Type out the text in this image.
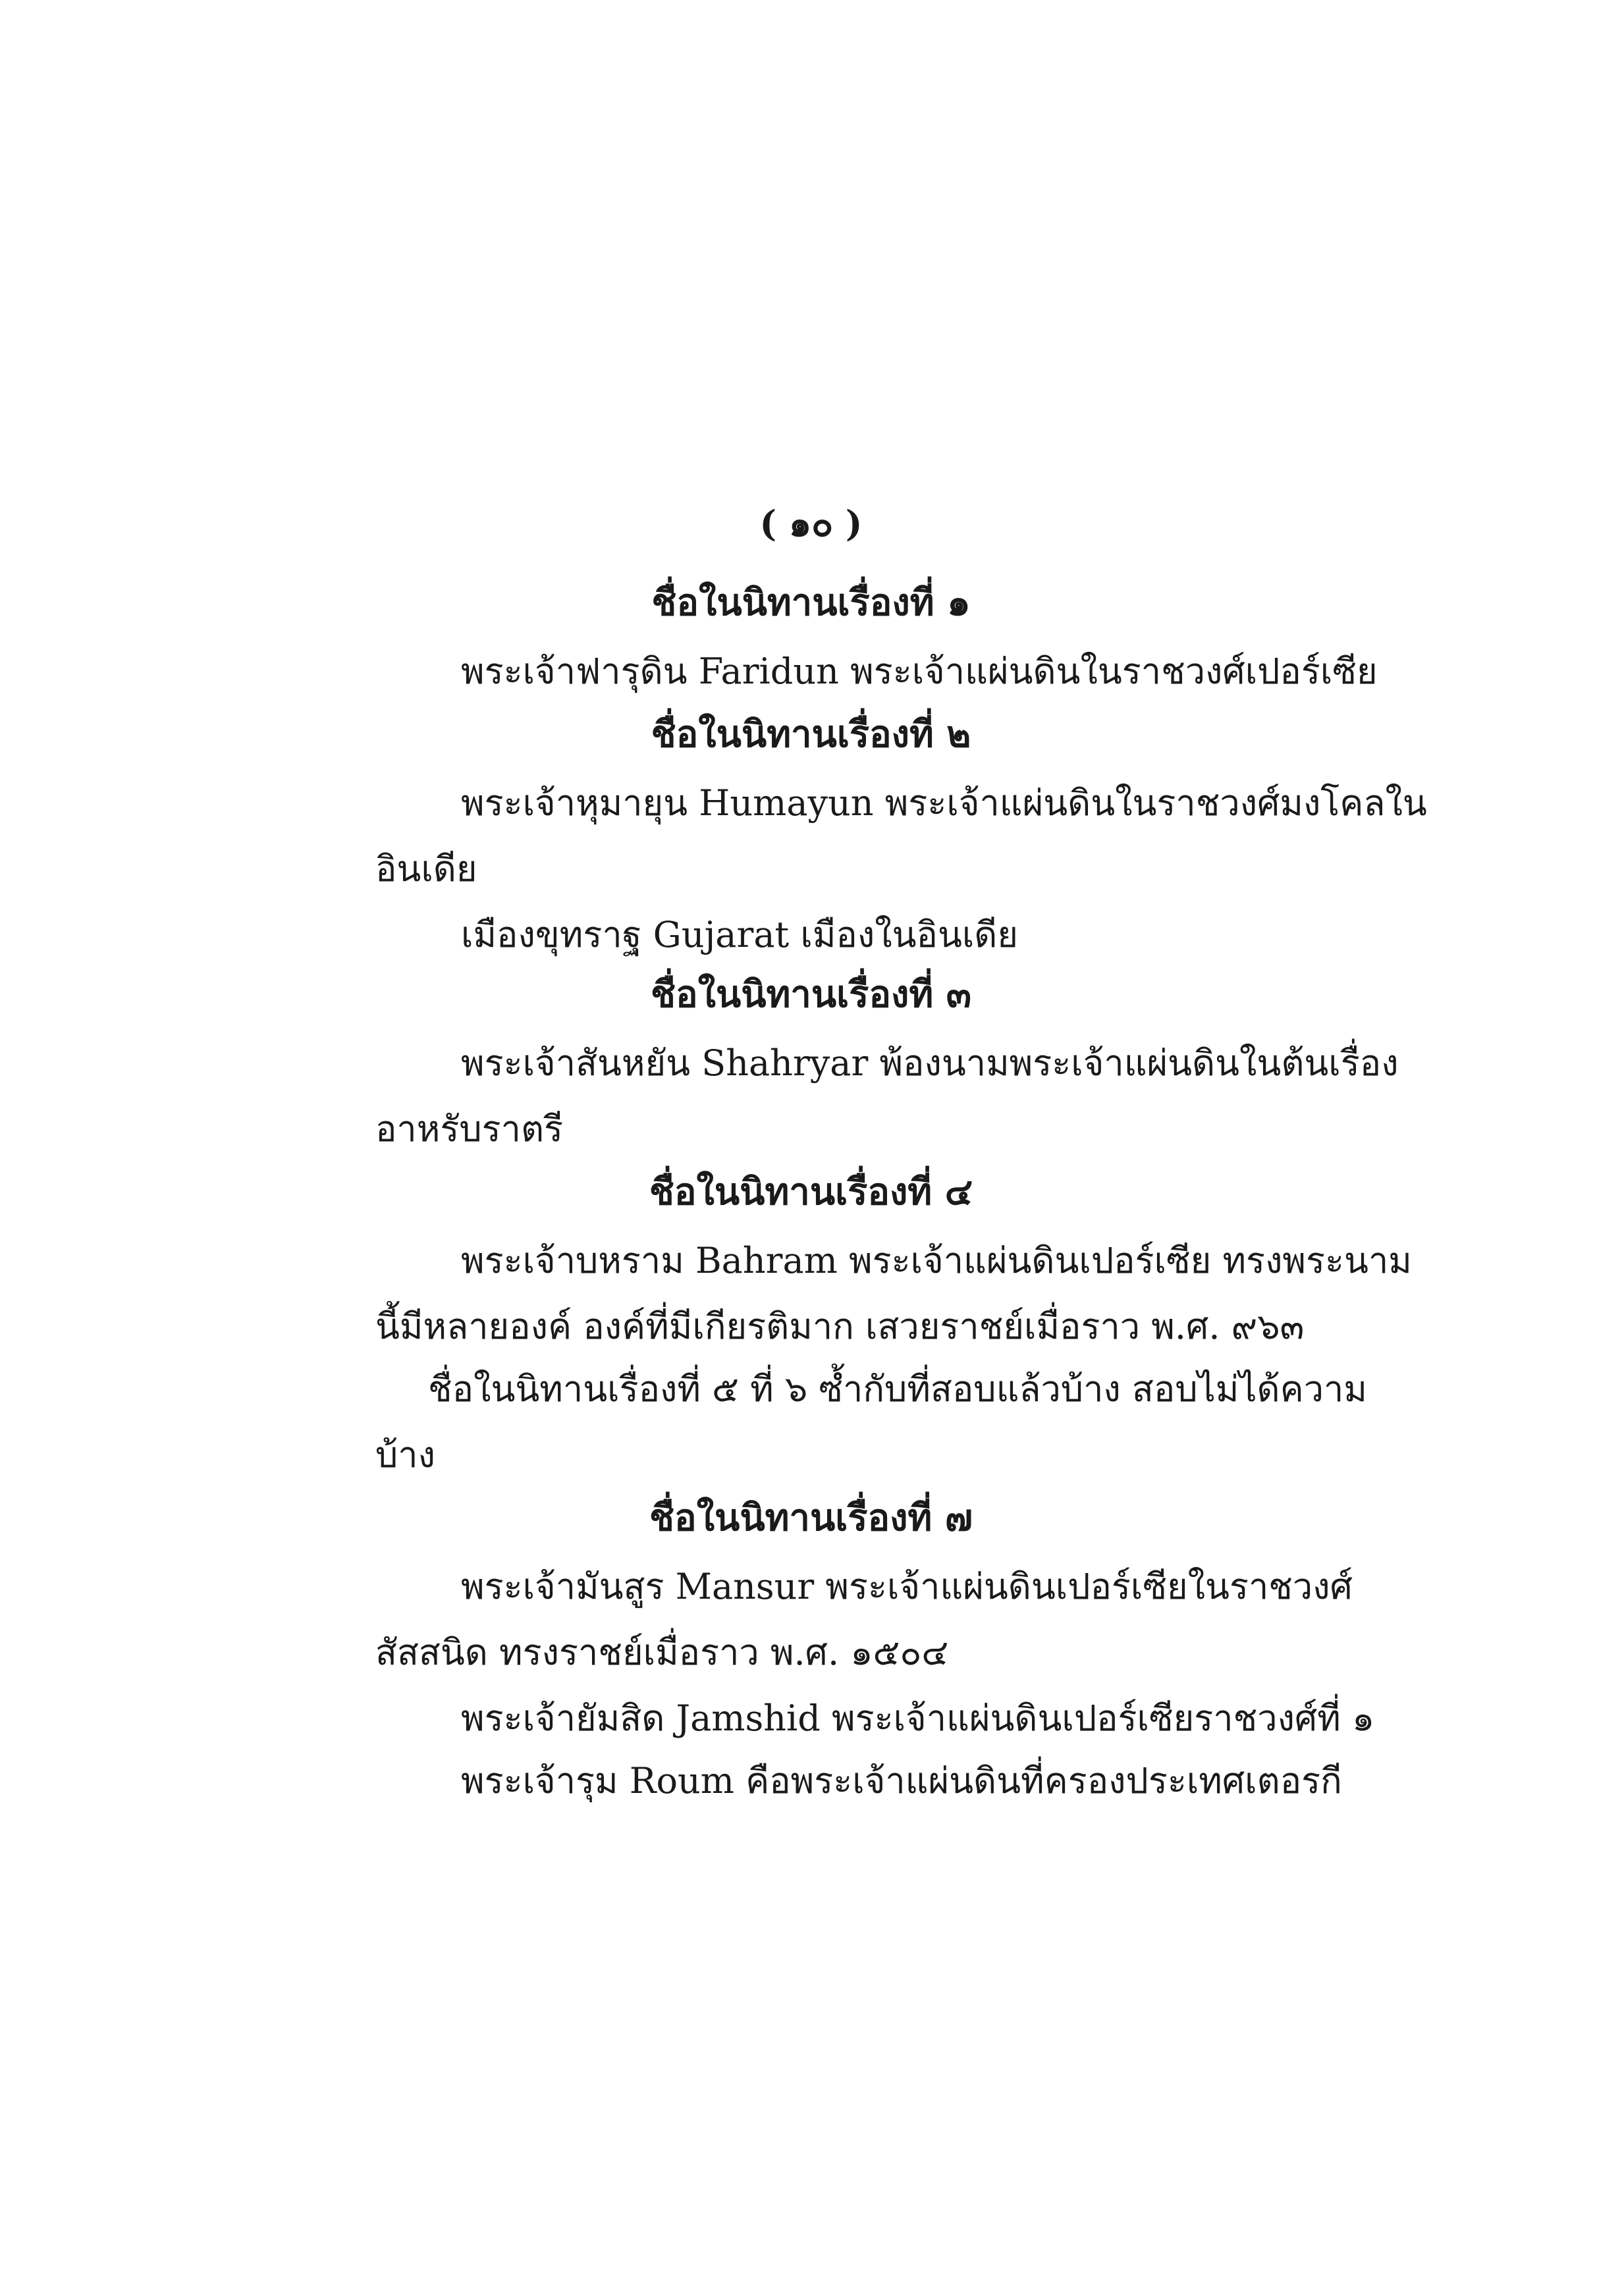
( ๑๐ )
ชื่อในนิทานเรื่องที่ ๑
พระเจ้าฟารุดิน Faridun พระเจ้าแผ่นดินในราชวงศ์เปอร์เซีย
ชื่อในนิทานเรื่องที่ ๒
พระเจ้าหุมายุน Humayun พระเจ้าแผ่นดินในราชวงศ์มงโคลใน
อินเดีย
เมืองขุทราฐ Gujarat เมืองในอินเดีย
ชื่อในนิทานเรื่องที่ ๓
พระเจ้าสันหยัน Shahryar พ้องนามพระเจ้าแผ่นดินในต้นเรื่อง
อาหรับราตรี
ชื่อในนิทานเรื่องที่ ๔
พระเจ้าบหราม Bahram พระเจ้าแผ่นดินเปอร์เซีย ทรงพระนาม
นี้มีหลายองค์ องค์ที่มีเกียรติมาก เสวยราชย์เมื่อราว พ.ศ. ๙๖๓
ชื่อในนิทานเรื่องที่ ๕ ที่ ๖ ซ้ำกับที่สอบแล้วบ้าง สอบไม่ได้ความ
บ้าง
ชื่อในนิทานเรื่องที่ ๗
พระเจ้ามันสูร Mansur พระเจ้าแผ่นดินเปอร์เซียในราชวงศ์
สัสสนิด ทรงราชย์เมื่อราว พ.ศ. ๑๕๐๔
พระเจ้ายัมสิด Jamshid พระเจ้าแผ่นดินเปอร์เซียราชวงศ์ที่ ๑
พระเจ้ารุม Roum คือพระเจ้าแผ่นดินที่ครองประเทศเตอรกี
